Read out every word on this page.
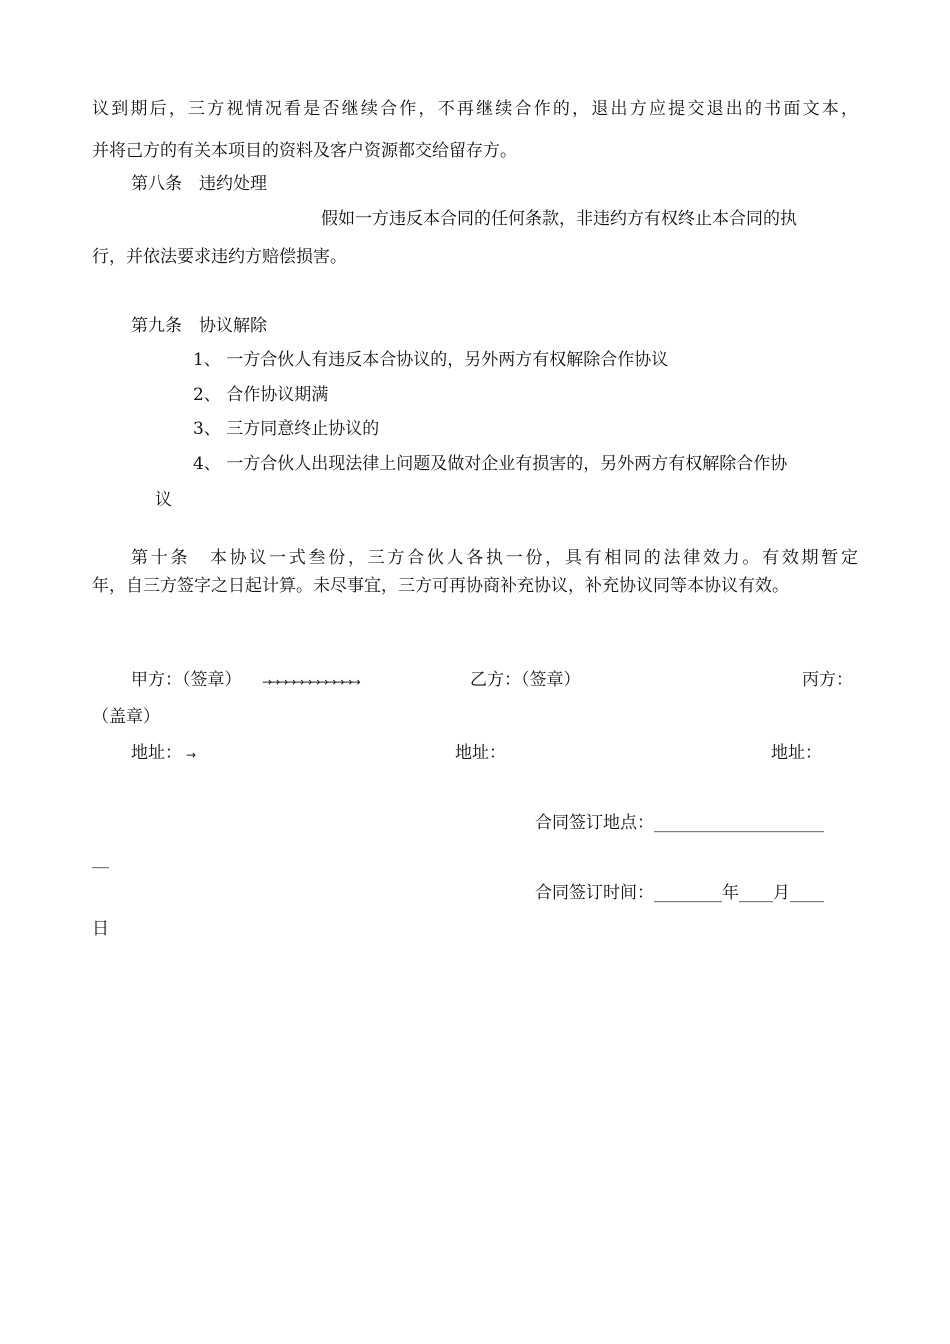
议到期后，三方视情况看是否继续合作，不再继续合作的，退出方应提交退出的书面文本，

并将己方的有关本项目的资料及客户资源都交给留存方。

第八条　违约处理

假如一方违反本合同的任何条款，非违约方有权终止本合同的执

行，并依法要求违约方赔偿损害。

第九条　协议解除

1、 一方合伙人有违反本合协议的，另外两方有权解除合作协议

2、 合作协议期满

3、 三方同意终止协议的

4、 一方合伙人出现法律上问题及做对企业有损害的，另外两方有权解除合作协

议

第十条　本协议一式叁份，三方合伙人各执一份，具有相同的法律效力。有效期暂定

年，自三方签字之日起计算。未尽事宜，三方可再协商补充协议，补充协议同等本协议有效。

甲方：（签章） →→→→→→→→→→→→	乙方：（签章）	丙方：

（盖章）

地址： →	地址：	地址：

合同签订地点：____________________

__

合同签订时间：________年____月____

日
